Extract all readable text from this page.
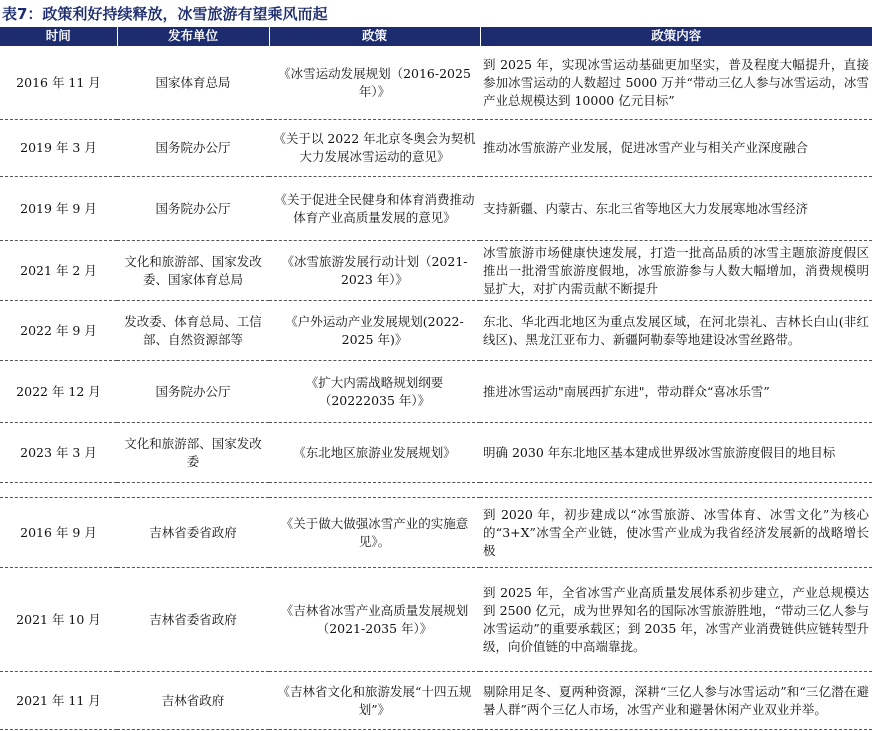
表7：政策利好持续释放，冰雪旅游有望乘风而起
时间	发布单位	政策	政策内容
2016 年 11 月	国家体育总局	《冰雪运动发展规划（2016-2025 年）》	到 2025 年，实现冰雪运动基础更加坚实，普及程度大幅提升，直接参加冰雪运动的人数超过 5000 万并“带动三亿人参与冰雪运动，冰雪产业总规模达到 10000 亿元目标”
2019 年 3 月	国务院办公厅	《关于以 2022 年北京冬奥会为契机大力发展冰雪运动的意见》	推动冰雪旅游产业发展，促进冰雪产业与相关产业深度融合
2019 年 9 月	国务院办公厅	《关于促进全民健身和体育消费推动体育产业高质量发展的意见》	支持新疆、内蒙古、东北三省等地区大力发展寒地冰雪经济
2021 年 2 月	文化和旅游部、国家发改委、国家体育总局	《冰雪旅游发展行动计划（2021-2023 年）》	冰雪旅游市场健康快速发展，打造一批高品质的冰雪主题旅游度假区推出一批滑雪旅游度假地，冰雪旅游参与人数大幅增加，消费规模明显扩大，对扩内需贡献不断提升
2022 年 9 月	发改委、体育总局、工信部、自然资源部等	《户外运动产业发展规划(2022-2025 年)》	东北、华北西北地区为重点发展区域，在河北崇礼、吉林长白山(非红线区)、黑龙江亚布力、新疆阿勒泰等地建设冰雪丝路带。
2022 年 12 月	国务院办公厅	《扩大内需战略规划纲要（20222035 年）》	推进冰雪运动"南展西扩东进"，带动群众“喜冰乐雪”
2023 年 3 月	文化和旅游部、国家发改委	《东北地区旅游业发展规划》	明确 2030 年东北地区基本建成世界级冰雪旅游度假目的地目标

2016 年 9 月	吉林省委省政府	《关于做大做强冰雪产业的实施意见》。	到 2020 年，初步建成以“冰雪旅游、冰雪体育、冰雪文化”为核心的“3+X”冰雪全产业链，使冰雪产业成为我省经济发展新的战略增长极
2021 年 10 月	吉林省委省政府	《吉林省冰雪产业高质量发展规划（2021-2035 年）》	到 2025 年，全省冰雪产业高质量发展体系初步建立，产业总规模达到 2500 亿元，成为世界知名的国际冰雪旅游胜地，“带动三亿人参与冰雪运动”的重要承载区；到 2035 年，冰雪产业消费链供应链转型升级，向价值链的中高端靠拢。
2021 年 11 月	吉林省政府	《吉林省文化和旅游发展“十四五规划”》	剔除用足冬、夏两种资源，深耕“三亿人参与冰雪运动”和“三亿潜在避暑人群”两个三亿人市场，冰雪产业和避暑休闲产业双业并举。
